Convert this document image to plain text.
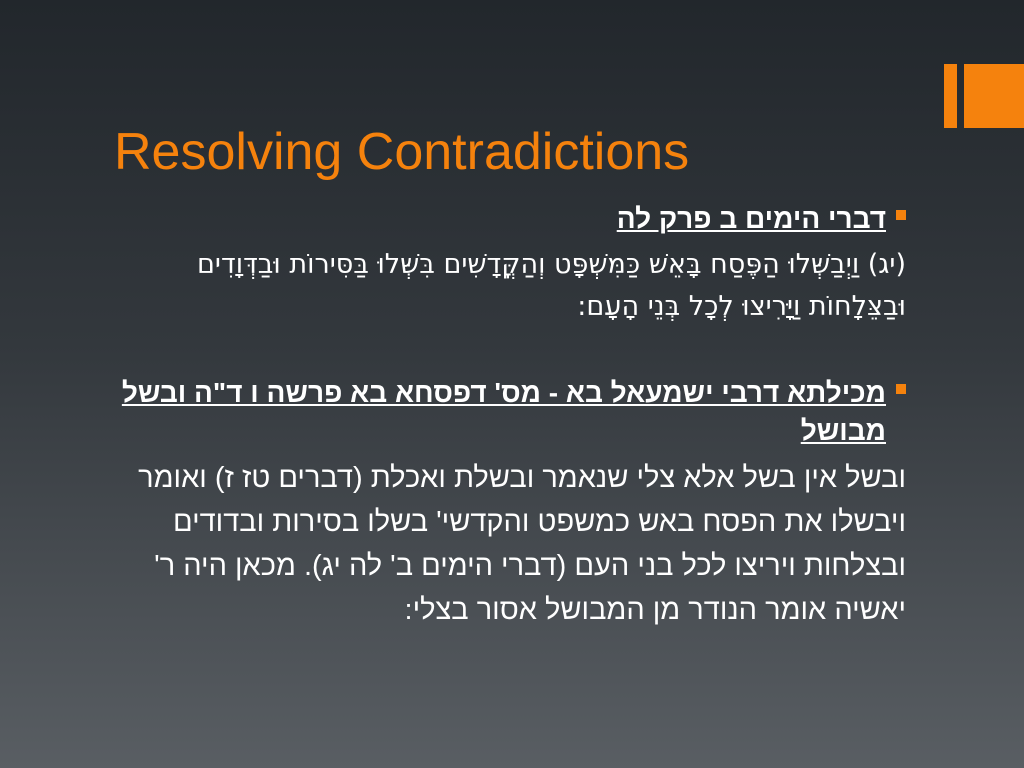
Resolving Contradictions
דברי הימים ב פרק לה

(יג) וַיְבַשְּׁלוּ הַפֶּסַח בָּאֵשׁ כַּמִּשְׁפָּט וְהַקֳּדָשִׁים בִּשְּׁלוּ בַּסִּירוֹת וּבַדְּוָדִים וּבַצֵּלָחוֹת וַיָּרִיצוּ לְכָל בְּנֵי הָעָם:

מכילתא דרבי ישמעאל בא - מס' דפסחא בא פרשה ו ד"ה ובשל מבושל

ובשל אין בשל אלא צלי שנאמר ובשלת ואכלת (דברים טז ז) ואומר ויבשלו את הפסח באש כמשפט והקדשי' בשלו בסירות ובדודים ובצלחות ויריצו לכל בני העם (דברי הימים ב' לה יג). מכאן היה ר' יאשיה אומר הנודר מן המבושל אסור בצלי:
